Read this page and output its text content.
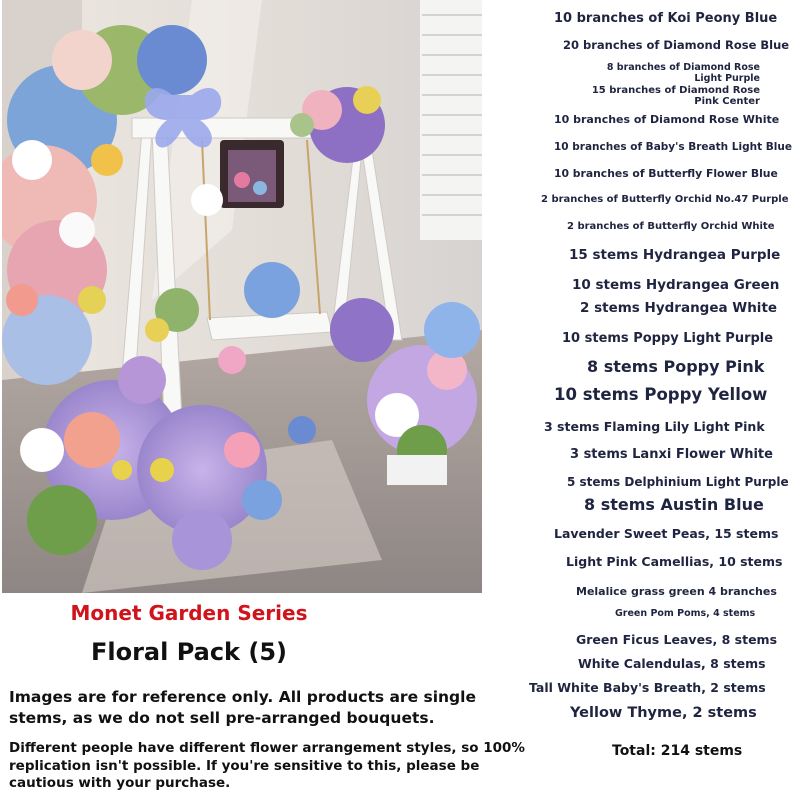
Monet Garden Series
Floral Pack (5)
Images are for reference only. All products are single stems, as we do not sell pre-arranged bouquets.
Different people have different flower arrangement styles, so 100% replication isn't possible. If you're sensitive to this, please be cautious with your purchase.
10 branches of Koi Peony Blue
20 branches of Diamond Rose Blue
8 branches of Diamond Rose Light Purple
15 branches of Diamond Rose Pink Center
10 branches of Diamond Rose White
10 branches of Baby's Breath Light Blue
10 branches of Butterfly Flower Blue
2 branches of Butterfly Orchid No.47 Purple
2 branches of Butterfly Orchid White
15 stems Hydrangea Purple
10 stems Hydrangea Green
2 stems Hydrangea White
10 stems Poppy Light Purple
8 stems Poppy Pink
10 stems Poppy Yellow
3 stems Flaming Lily Light Pink
3 stems Lanxi Flower White
5 stems Delphinium Light Purple
8 stems Austin Blue
Lavender Sweet Peas, 15 stems
Light Pink Camellias, 10 stems
Melalice grass green 4 branches
Green Pom Poms, 4 stems
Green Ficus Leaves, 8 stems
White Calendulas, 8 stems
Tall White Baby's Breath, 2 stems
Yellow Thyme, 2 stems
Total: 214 stems
